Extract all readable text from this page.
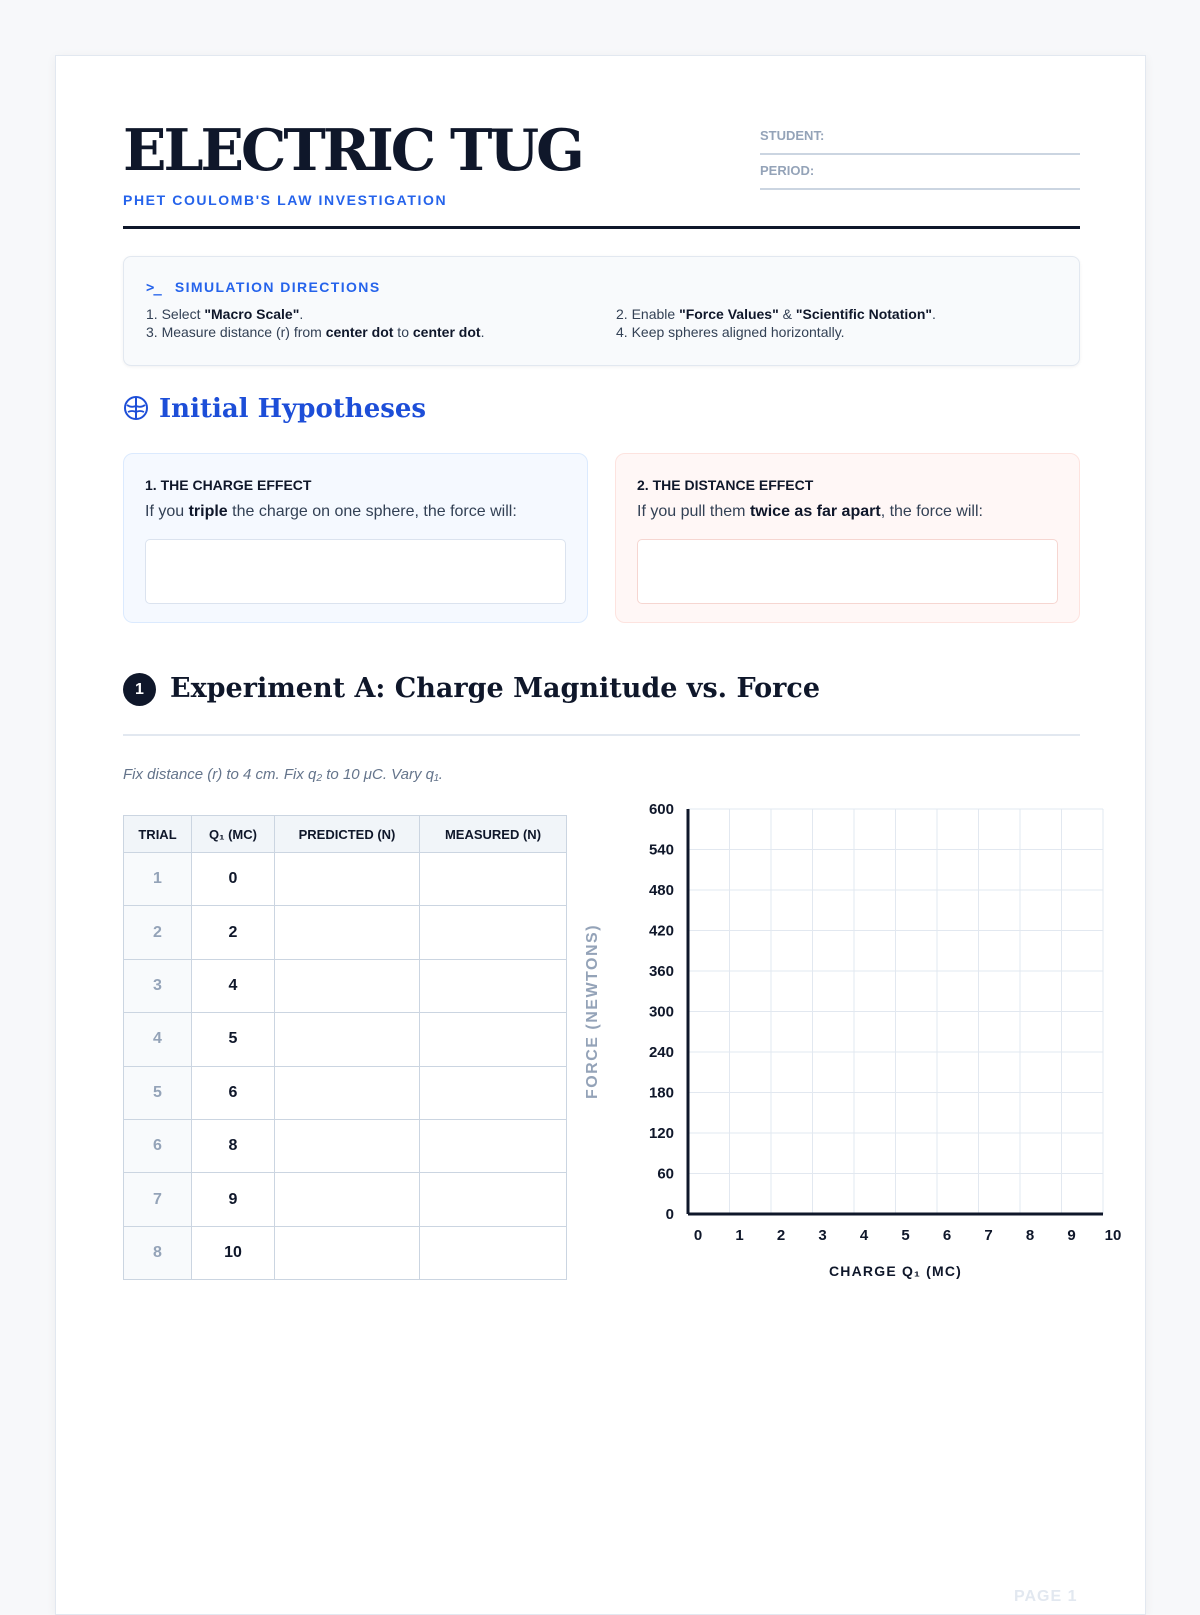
ELECTRIC TUG
PHET COULOMB'S LAW INVESTIGATION
STUDENT:
PERIOD:
>_ SIMULATION DIRECTIONS
1. Select "Macro Scale".	2. Enable "Force Values" & "Scientific Notation".
3. Measure distance (r) from center dot to center dot.	4. Keep spheres aligned horizontally.
Initial Hypotheses
1. THE CHARGE EFFECT
If you triple the charge on one sphere, the force will:
2. THE DISTANCE EFFECT
If you pull them twice as far apart, the force will:
1 Experiment A: Charge Magnitude vs. Force
Fix distance (r) to 4 cm. Fix q₂ to 10 μC. Vary q₁.
TRIAL	Q₁ (MC)	PREDICTED (N)	MEASURED (N)
1	0		
2	2		
3	4		
4	5		
5	6		
6	8		
7	9		
8	10		
0 1 2 3 4 5 6 7 8 9 10
0
60
120
180
240
300
360
420
480
540
600
CHARGE Q₁ (MC)
FORCE (NEWTONS)
PAGE 1
